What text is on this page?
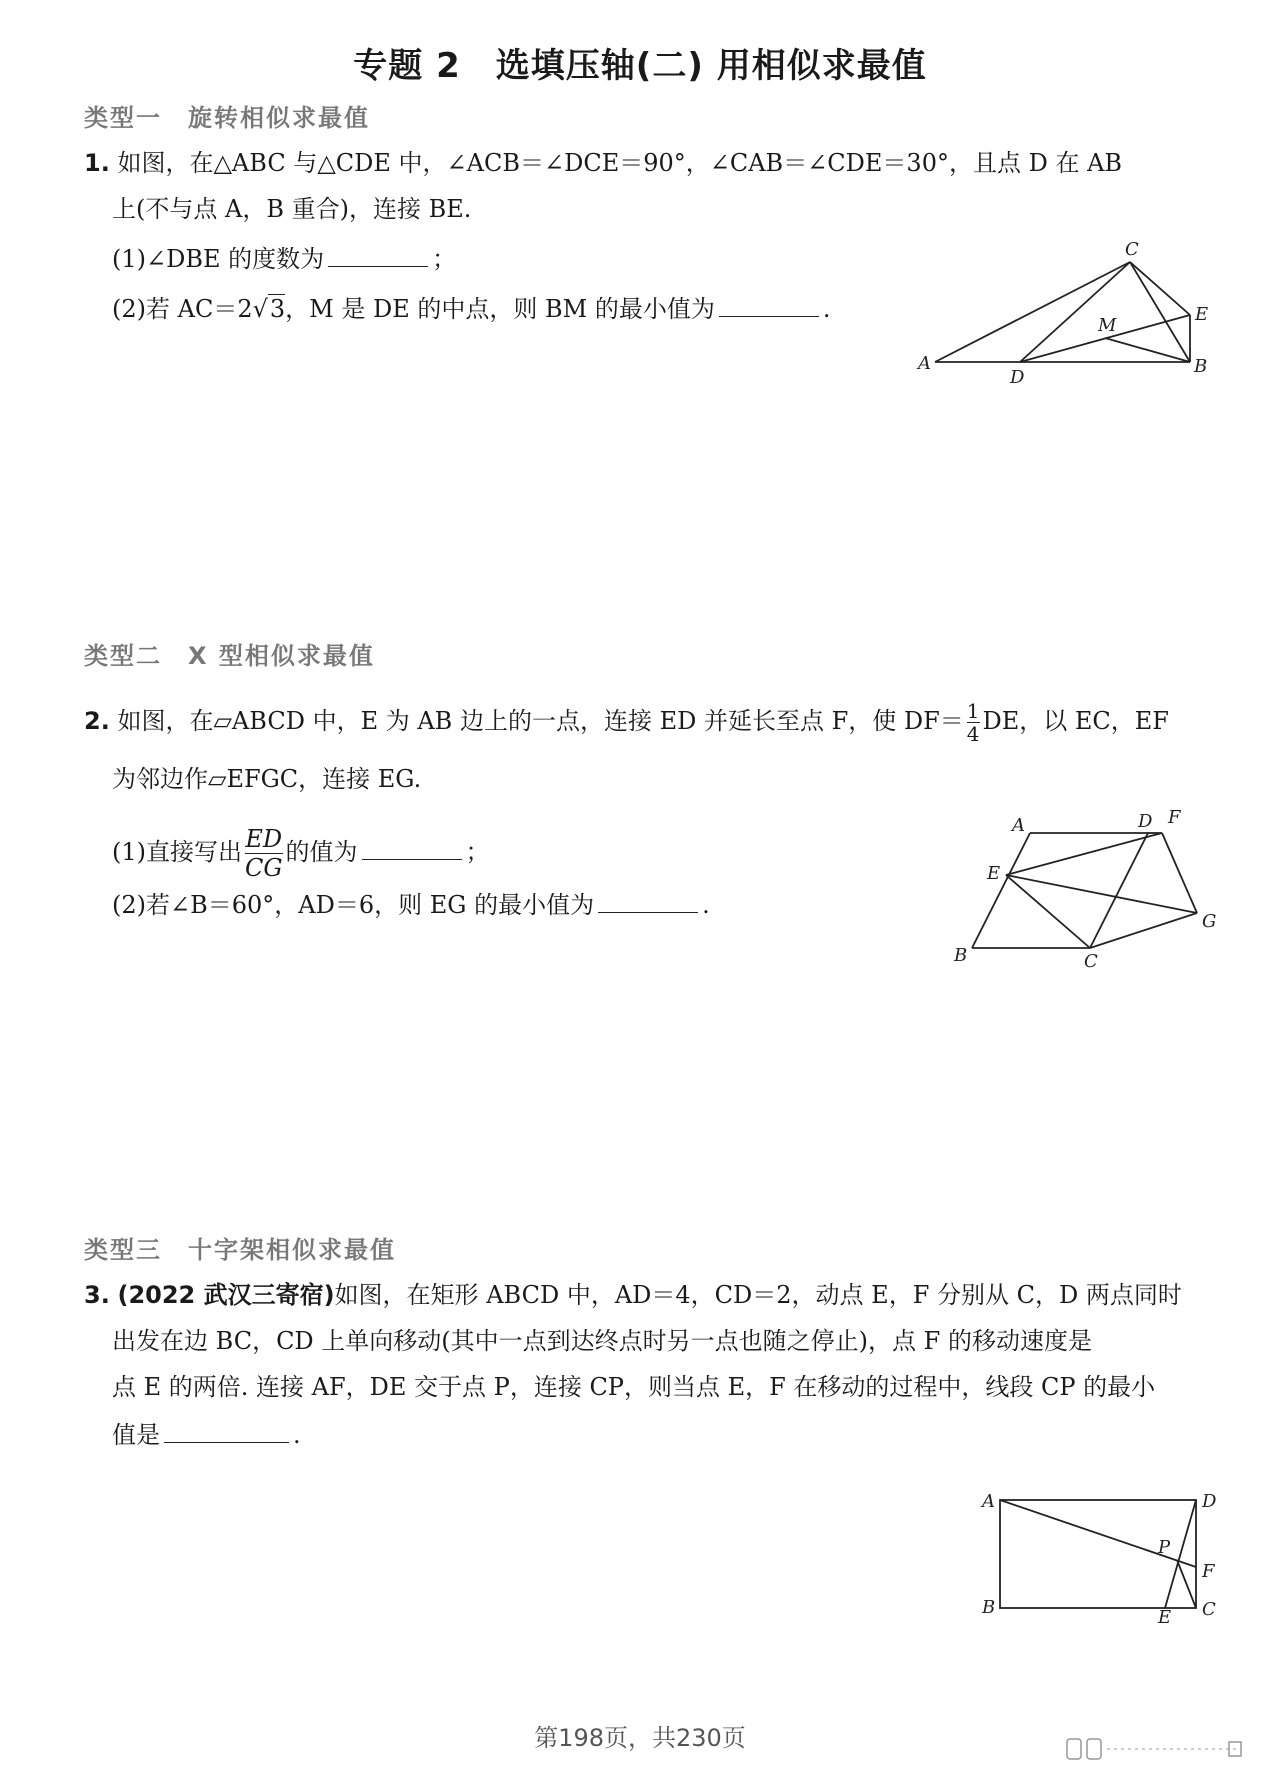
专题 2　选填压轴(二) 用相似求最值
类型一　旋转相似求最值
1. 如图，在△ABC 与△CDE 中，∠ACB＝∠DCE＝90°，∠CAB＝∠CDE＝30°，且点 D 在 AB
上(不与点 A，B 重合)，连接 BE.
(1)∠DBE 的度数为	；
(2)若 AC＝2√3，M 是 DE 的中点，则 BM 的最小值为	.
A
C
D
E
B
M
类型二　X 型相似求最值
2. 如图，在▱ABCD 中，E 为 AB 边上的一点，连接 ED 并延长至点 F，使 $DF= \frac{1}{4}$ DE，以 EC，EF
为邻边作▱EFGC，连接 EG.
(1)直接写出 $\frac{ED}{CG}$ 的值为	；
(2)若∠B＝60°，AD＝6，则 EG 的最小值为	.
A	D F
E
G
B	C
类型三　十字架相似求最值
3. (2022 武汉三寄宿)如图，在矩形 ABCD 中，AD＝4，CD＝2，动点 E，F 分别从 C，D 两点同时
出发在边 BC，CD 上单向移动(其中一点到达终点时另一点也随之停止)，点 F 的移动速度是
点 E 的两倍. 连接 AF，DE 交于点 P，连接 CP，则当点 E，F 在移动的过程中，线段 CP 的最小
值是	.
A	D
P
F
B	C
E
第198页，共230页
